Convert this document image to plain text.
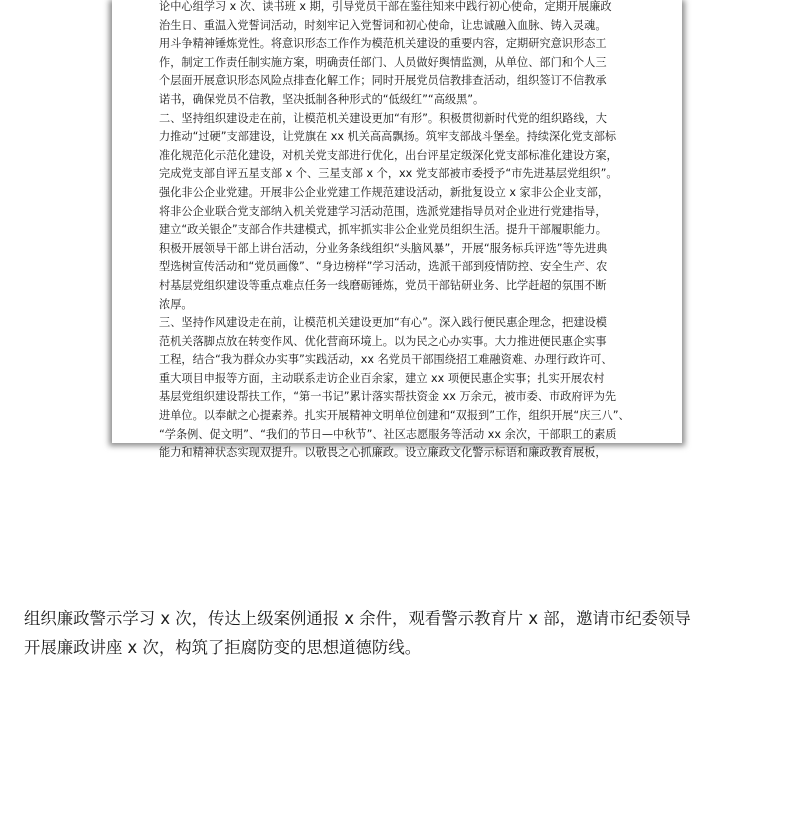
论中心组学习 x 次、读书班 x 期，引导党员干部在鉴往知来中践行初心使命，定期开展廉政
治生日、重温入党誓词活动，时刻牢记入党誓词和初心使命，让忠诚融入血脉、铸入灵魂。
用斗争精神锤炼党性。将意识形态工作作为模范机关建设的重要内容，定期研究意识形态工
作，制定工作责任制实施方案，明确责任部门、人员做好舆情监测，从单位、部门和个人三
个层面开展意识形态风险点排查化解工作；同时开展党员信教排查活动，组织签订不信教承
诺书，确保党员不信教，坚决抵制各种形式的“低级红”“高级黑”。
二、坚持组织建设走在前，让模范机关建设更加“有形”。积极贯彻新时代党的组织路线，大
力推动“过硬”支部建设，让党旗在 xx 机关高高飘扬。筑牢支部战斗堡垒。持续深化党支部标
准化规范化示范化建设，对机关党支部进行优化，出台评星定级深化党支部标准化建设方案，
完成党支部自评五星支部 x 个、三星支部 x 个，xx 党支部被市委授予“市先进基层党组织”。
强化非公企业党建。开展非公企业党建工作规范建设活动，新批复设立 x 家非公企业支部，
将非公企业联合党支部纳入机关党建学习活动范围，选派党建指导员对企业进行党建指导，
建立“政关银企”支部合作共建模式，抓牢抓实非公企业党员组织生活。提升干部履职能力。
积极开展领导干部上讲台活动，分业务条线组织“头脑风暴”，开展“服务标兵评选”等先进典
型选树宣传活动和“党员画像”、“身边榜样”学习活动，选派干部到疫情防控、安全生产、农
村基层党组织建设等重点难点任务一线磨砺锤炼，党员干部钻研业务、比学赶超的氛围不断
浓厚。
三、坚持作风建设走在前，让模范机关建设更加“有心”。深入践行便民惠企理念，把建设模
范机关落脚点放在转变作风、优化营商环境上。以为民之心办实事。大力推进便民惠企实事
工程，结合“我为群众办实事”实践活动，xx 名党员干部围绕招工难融资难、办理行政许可、
重大项目申报等方面，主动联系走访企业百余家，建立 xx 项便民惠企实事；扎实开展农村
基层党组织建设帮扶工作，“第一书记”累计落实帮扶资金 xx 万余元，被市委、市政府评为先
进单位。以奉献之心提素养。扎实开展精神文明单位创建和“双报到”工作，组织开展“庆三八”、
“学条例、促文明”、“我们的节日—中秋节”、社区志愿服务等活动 xx 余次，干部职工的素质
能力和精神状态实现双提升。以敬畏之心抓廉政。设立廉政文化警示标语和廉政教育展板，
组织廉政警示学习 x 次，传达上级案例通报 x 余件，观看警示教育片 x 部，邀请市纪委领导
开展廉政讲座 x 次，构筑了拒腐防变的思想道德防线。
